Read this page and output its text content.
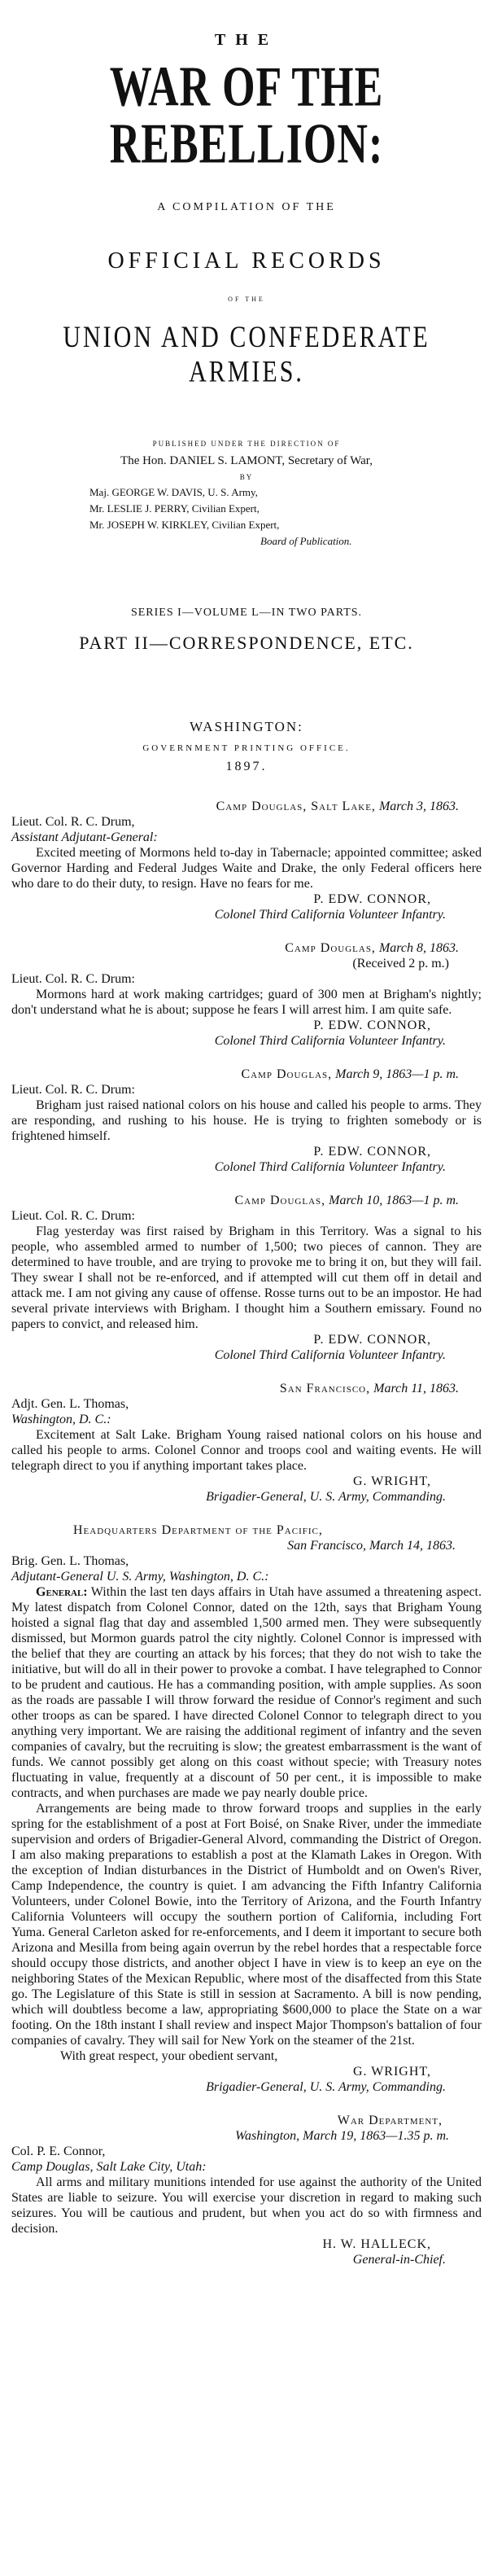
THE

WAR OF THE REBELLION:

A COMPILATION OF THE

OFFICIAL RECORDS

OF THE

UNION AND CONFEDERATE ARMIES.

PUBLISHED UNDER THE DIRECTION OF

The Hon. DANIEL S. LAMONT, Secretary of War,

BY

Maj. GEORGE W. DAVIS, U. S. Army,

Mr. LESLIE J. PERRY, Civilian Expert,

Mr. JOSEPH W. KIRKLEY, Civilian Expert,

Board of Publication.

SERIES I—VOLUME L—IN TWO PARTS.

PART II—CORRESPONDENCE, ETC.

WASHINGTON:

GOVERNMENT PRINTING OFFICE.

1897.

Camp Douglas, Salt Lake, March 3, 1863.

Lieut. Col. R. C. Drum,

Assistant Adjutant-General:

Excited meeting of Mormons held to-day in Tabernacle; appointed committee; asked Governor Harding and Federal Judges Waite and Drake, the only Federal officers here who dare to do their duty, to resign. Have no fears for me.

P. EDW. CONNOR,

Colonel Third California Volunteer Infantry.

Camp Douglas, March 8, 1863.

(Received 2 p. m.)

Lieut. Col. R. C. Drum:

Mormons hard at work making cartridges; guard of 300 men at Brigham's nightly; don't understand what he is about; suppose he fears I will arrest him. I am quite safe.

P. EDW. CONNOR,

Colonel Third California Volunteer Infantry.

Camp Douglas, March 9, 1863—1 p. m.

Lieut. Col. R. C. Drum:

Brigham just raised national colors on his house and called his people to arms. They are responding, and rushing to his house. He is trying to frighten somebody or is frightened himself.

P. EDW. CONNOR,

Colonel Third California Volunteer Infantry.

Camp Douglas, March 10, 1863—1 p. m.

Lieut. Col. R. C. Drum:

Flag yesterday was first raised by Brigham in this Territory. Was a signal to his people, who assembled armed to number of 1,500; two pieces of cannon. They are determined to have trouble, and are trying to provoke me to bring it on, but they will fail. They swear I shall not be re-enforced, and if attempted will cut them off in detail and attack me. I am not giving any cause of offense. Rosse turns out to be an impostor. He had several private interviews with Brigham. I thought him a Southern emissary. Found no papers to convict, and released him.

P. EDW. CONNOR,

Colonel Third California Volunteer Infantry.

San Francisco, March 11, 1863.

Adjt. Gen. L. Thomas,

Washington, D. C.:

Excitement at Salt Lake. Brigham Young raised national colors on his house and called his people to arms. Colonel Connor and troops cool and waiting events. He will telegraph direct to you if anything important takes place.

G. WRIGHT,

Brigadier-General, U. S. Army, Commanding.

Headquarters Department of the Pacific,

San Francisco, March 14, 1863.

Brig. Gen. L. Thomas,

Adjutant-General U. S. Army, Washington, D. C.:

General: Within the last ten days affairs in Utah have assumed a threatening aspect. My latest dispatch from Colonel Connor, dated on the 12th, says that Brigham Young hoisted a signal flag that day and assembled 1,500 armed men. They were subsequently dismissed, but Mormon guards patrol the city nightly. Colonel Connor is impressed with the belief that they are courting an attack by his forces; that they do not wish to take the initiative, but will do all in their power to provoke a combat. I have telegraphed to Connor to be prudent and cautious. He has a commanding position, with ample supplies. As soon as the roads are passable I will throw forward the residue of Connor's regiment and such other troops as can be spared. I have directed Colonel Connor to telegraph direct to you anything very important. We are raising the additional regiment of infantry and the seven companies of cavalry, but the recruiting is slow; the greatest embarrassment is the want of funds. We cannot possibly get along on this coast without specie; with Treasury notes fluctuating in value, frequently at a discount of 50 per cent., it is impossible to make contracts, and when purchases are made we pay nearly double price.

Arrangements are being made to throw forward troops and supplies in the early spring for the establishment of a post at Fort Boisé, on Snake River, under the immediate supervision and orders of Brigadier-General Alvord, commanding the District of Oregon. I am also making preparations to establish a post at the Klamath Lakes in Oregon. With the exception of Indian disturbances in the District of Humboldt and on Owen's River, Camp Independence, the country is quiet. I am advancing the Fifth Infantry California Volunteers, under Colonel Bowie, into the Territory of Arizona, and the Fourth Infantry California Volunteers will occupy the southern portion of California, including Fort Yuma. General Carleton asked for re-enforcements, and I deem it important to secure both Arizona and Mesilla from being again overrun by the rebel hordes that a respectable force should occupy those districts, and another object I have in view is to keep an eye on the neighboring States of the Mexican Republic, where most of the disaffected from this State go. The Legislature of this State is still in session at Sacramento. A bill is now pending, which will doubtless become a law, appropriating $600,000 to place the State on a war footing. On the 18th instant I shall review and inspect Major Thompson's battalion of four companies of cavalry. They will sail for New York on the steamer of the 21st.

With great respect, your obedient servant,

G. WRIGHT,

Brigadier-General, U. S. Army, Commanding.

War Department,

Washington, March 19, 1863—1.35 p. m.

Col. P. E. Connor,

Camp Douglas, Salt Lake City, Utah:

All arms and military munitions intended for use against the authority of the United States are liable to seizure. You will exercise your discretion in regard to making such seizures. You will be cautious and prudent, but when you act do so with firmness and decision.

H. W. HALLECK,

General-in-Chief.
